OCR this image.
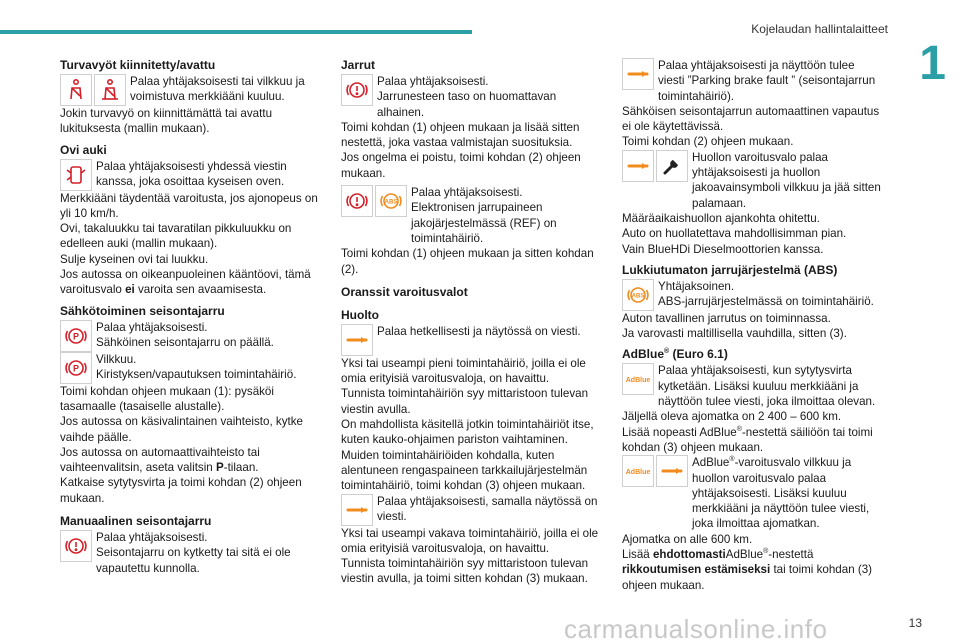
Kojelaudan hallintalaitteet
1
13
carmanualsonline.info
Turvavyöt kiinnitetty/avattu

Palaa yhtäjaksoisesti tai vilkkuu ja voimistuva merkkiääni kuuluu.

Jokin turvavyö on kiinnittämättä tai avattu lukituksesta (mallin mukaan).

Ovi auki

Palaa yhtäjaksoisesti yhdessä viestin kanssa, joka osoittaa kyseisen oven.

Merkkiääni täydentää varoitusta, jos ajonopeus on yli 10 km/h.

Ovi, takaluukku tai tavaratilan pikkuluukku on edelleen auki (mallin mukaan).

Sulje kyseinen ovi tai luukku.

Jos autossa on oikeanpuoleinen kääntöovi, tämä varoitusvalo ei varoita sen avaamisesta.

Sähkötoiminen seisontajarru
P

Palaa yhtäjaksoisesti.

Sähköinen seisontajarru on päällä.

P

Vilkkuu.

Kiristyksen/vapautuksen toimintahäiriö.

Toimi kohdan ohjeen mukaan (1): pysäköi tasamaalle (tasaiselle alustalle).

Jos autossa on käsivalintainen vaihteisto, kytke vaihde päälle.

Jos autossa on automaattivaihteisto tai vaihteenvalitsin, aseta valitsin P-tilaan.

Katkaise sytytysvirta ja toimi kohdan (2) ohjeen mukaan.

Manuaalinen seisontajarru

Palaa yhtäjaksoisesti.

Seisontajarru on kytketty tai sitä ei ole vapautettu kunnolla.

Jarrut

Palaa yhtäjaksoisesti.

Jarrunesteen taso on huomattavan alhainen.

Toimi kohdan (1) ohjeen mukaan ja lisää sitten nestettä, joka vastaa valmistajan suosituksia.

Jos ongelma ei poistu, toimi kohdan (2) ohjeen mukaan.

ABS

Palaa yhtäjaksoisesti.

Elektronisen jarrupaineen jakojärjestelmässä (REF) on toimintahäiriö.

Toimi kohdan (1) ohjeen mukaan ja sitten kohdan (2).

Oranssit varoitusvalot
Huolto

Palaa hetkellisesti ja näytössä on viesti.

Yksi tai useampi pieni toimintahäiriö, joilla ei ole omia erityisiä varoitusvaloja, on havaittu.

Tunnista toimintahäiriön syy mittaristoon tulevan viestin avulla.

On mahdollista käsitellä jotkin toimintahäiriöt itse, kuten kauko-ohjaimen pariston vaihtaminen.

Muiden toimintahäiriöiden kohdalla, kuten alentuneen rengaspaineen tarkkailujärjestelmän toimintahäiriö, toimi kohdan (3) ohjeen mukaan.

Palaa yhtäjaksoisesti, samalla näytössä on viesti.

Yksi tai useampi vakava toimintahäiriö, joilla ei ole omia erityisiä varoitusvaloja, on havaittu.

Tunnista toimintahäiriön syy mittaristoon tulevan viestin avulla, ja toimi sitten kohdan (3) mukaan.

Palaa yhtäjaksoisesti ja näyttöön tulee viesti ”Parking brake fault ” (seisontajarrun toimintahäiriö).

Sähköisen seisontajarrun automaattinen vapautus ei ole käytettävissä.

Toimi kohdan (2) ohjeen mukaan.

Huollon varoitusvalo palaa yhtäjaksoisesti ja huollon jakoavainsymboli vilkkuu ja jää sitten palamaan.

Määräaikaishuollon ajankohta ohitettu.

Auto on huollatettava mahdollisimman pian.

Vain BlueHDi Dieselmoottorien kanssa.

Lukkiutumaton jarrujärjestelmä (ABS)
ABS

Yhtäjaksoinen.

ABS-jarrujärjestelmässä on toimintahäiriö.

Auton tavallinen jarrutus on toiminnassa.

Ja varovasti maltillisella vauhdilla, sitten (3).

AdBlue® (Euro 6.1)
AdBlue

Palaa yhtäjaksoisesti, kun sytytysvirta kytketään. Lisäksi kuuluu merkkiääni ja näyttöön tulee viesti, joka ilmoittaa olevan.

Jäljellä oleva ajomatka on 2 400 – 600 km.

Lisää nopeasti AdBlue®-nestettä säiliöön tai toimi kohdan (3) ohjeen mukaan.

AdBlue

AdBlue®-varoitusvalo vilkkuu ja huollon varoitusvalo palaa yhtäjaksoisesti. Lisäksi kuuluu merkkiääni ja näyttöön tulee viesti, joka ilmoittaa ajomatkan.

Ajomatka on alle 600 km.

Lisää ehdottomastiAdBlue®-nestettä
rikkoutumisen estämiseksi tai toimi kohdan (3) ohjeen mukaan.
